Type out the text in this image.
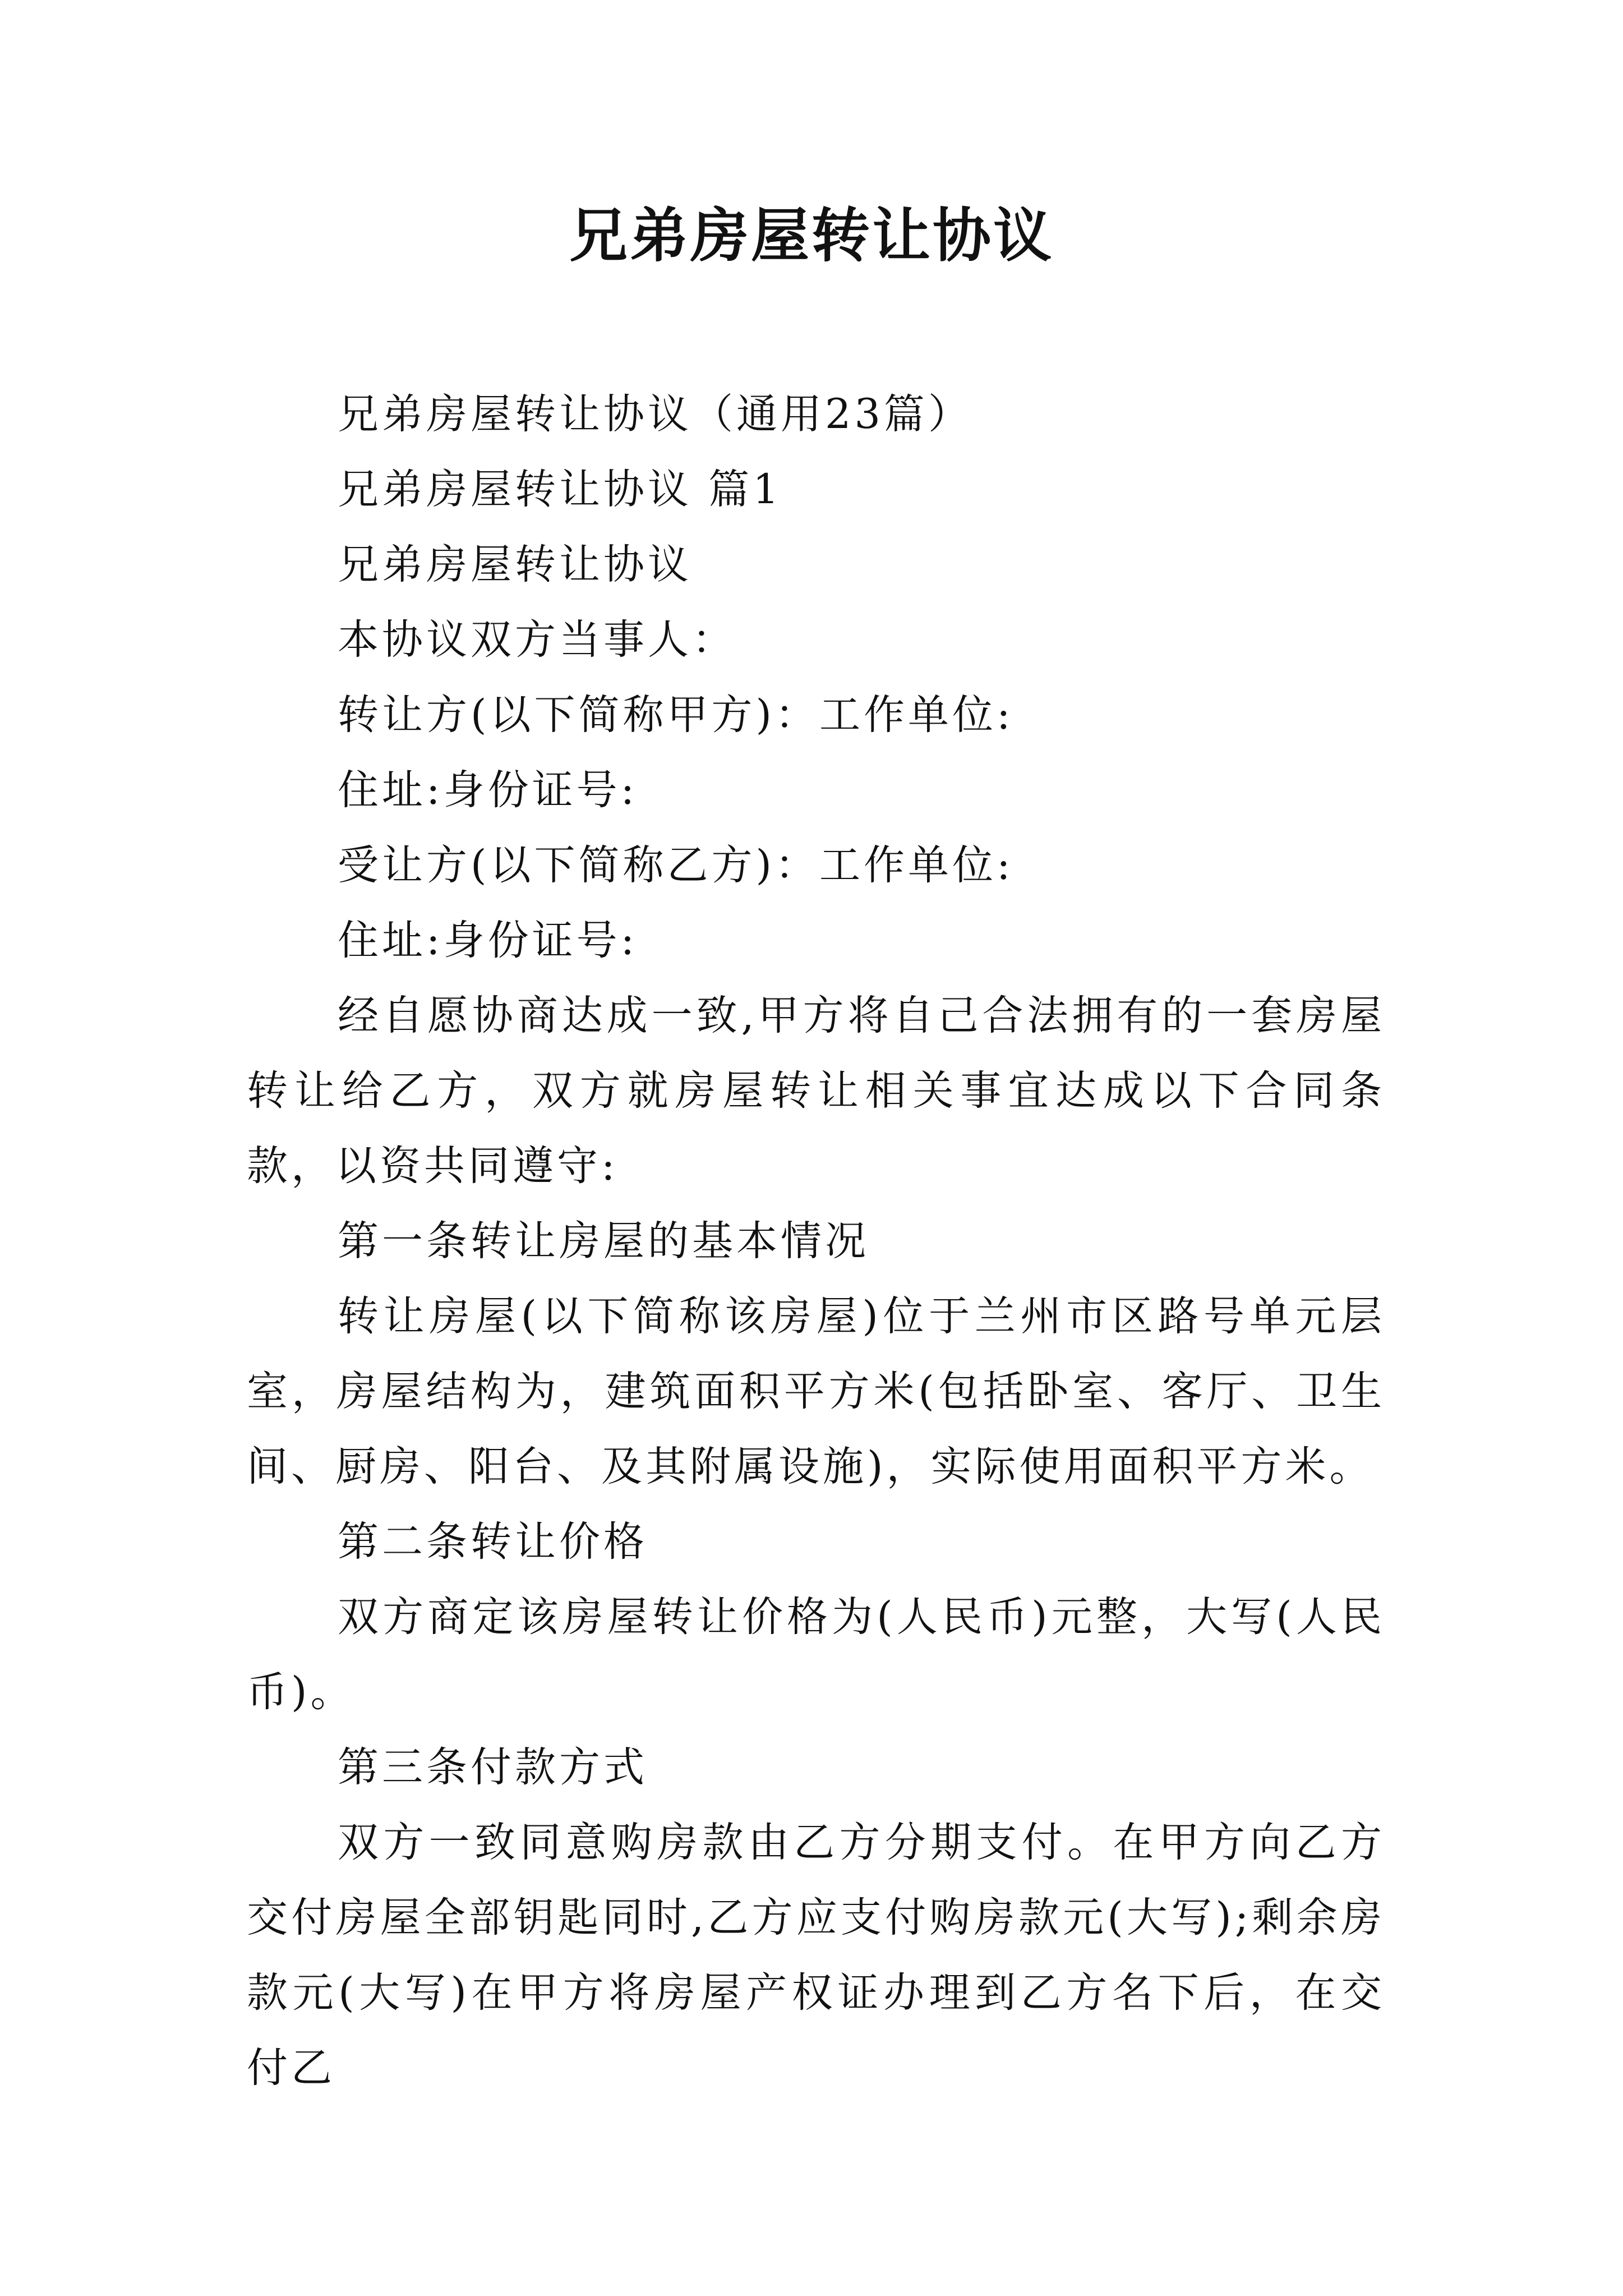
兄弟房屋转让协议

兄弟房屋转让协议（通用23篇）

兄弟房屋转让协议 篇1

兄弟房屋转让协议

本协议双方当事人：

转让方(以下简称甲方)：工作单位:

住址:身份证号:

受让方(以下简称乙方)：工作单位:

住址:身份证号:

经自愿协商达成一致,甲方将自己合法拥有的一套房屋转让给乙方，双方就房屋转让相关事宜达成以下合同条款，以资共同遵守:

第一条转让房屋的基本情况

转让房屋(以下简称该房屋)位于兰州市区路号单元层室，房屋结构为，建筑面积平方米(包括卧室、客厅、卫生间、厨房、阳台、及其附属设施)，实际使用面积平方米。

第二条转让价格

双方商定该房屋转让价格为(人民币)元整，大写(人民币)。

第三条付款方式

双方一致同意购房款由乙方分期支付。在甲方向乙方交付房屋全部钥匙同时,乙方应支付购房款元(大写);剩余房款元(大写)在甲方将房屋产权证办理到乙方名下后，在交付乙
